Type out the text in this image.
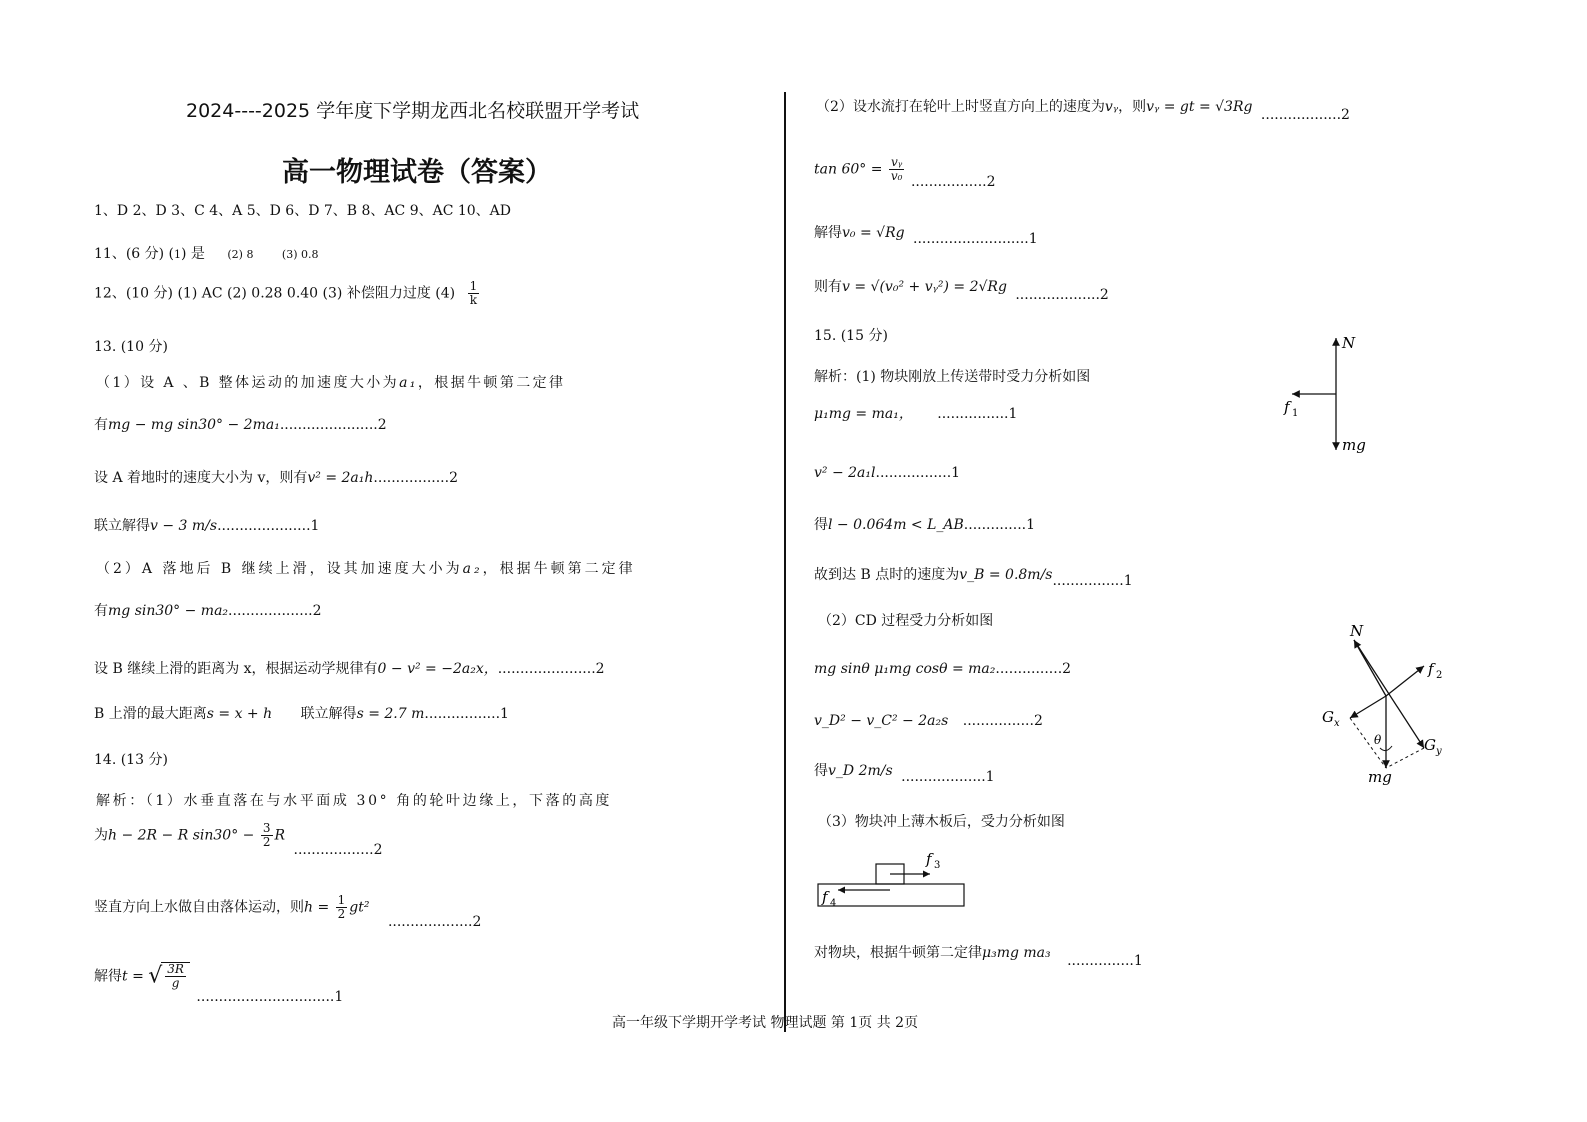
2024----2025 学年度下学期龙西北名校联盟开学考试
高一物理试卷（答案）
1、D 2、D 3、C 4、A 5、D 6、D 7、B 8、AC 9、AC 10、AD
11、(6 分) (1) 是 (2) 8	(3) 0.8
12、(10 分) (1) AC (2) 0.28 0.40 (3) 补偿阻力过度 $(4) \frac{1}{k}$
13. (10 分)
（1）设 A 、B 整体运动的加速度大小为a₁，根据牛顿第二定律
有mg − mg sin30° − 2ma₁......................2
设 A 着地时的速度大小为 v，则有v² = 2a₁h.................2
联立解得v − 3 m/s.....................1
（2）A 落地后 B 继续上滑，设其加速度大小为a₂，根据牛顿第二定律
有mg sin30° − ma₂...................2
设 B 继续上滑的距离为 x，根据运动学规律有0 − v² = −2a₂x，......................2
B 上滑的最大距离s = x + h 联立解得s = 2.7 m.................1
14. (13 分)
解析：（1）水垂直落在与水平面成 30° 角的轮叶边缘上，下落的高度
为h − 2R − R $\sin 30^\circ - \frac{3}{2}$ R ..................2
竖直方向上水做自由落体运动，则$h = \frac{1}{2} gt^2$ ...................2
解得t = √ $\frac{3R}{g}$
...............................1
（2）设水流打在轮叶上时竖直方向上的速度为vᵧ，则vᵧ = gt = √3Rg ..................2
$\tan 60^\circ = \frac{\text{vᵧ}}{\text{v₀}} .................2$
解得v₀ = √Rg ..........................1
则有v = √(v₀² + vᵧ²) = 2√Rg ...................2
15. (15 分)
解析：(1) 物块刚放上传送带时受力分析如图
μ₁mg = ma₁， ................1
v² − 2a₁l.................1
得l − 0.064m < L_AB..............1
故到达 B 点时的速度为v_B = 0.8m/s................1
（2）CD 过程受力分析如图
mg sinθ μ₁mg cosθ = ma₂...............2
v_D² − v_C² − 2a₂s ................2
得v_D 2m/s ...................1
（3）物块冲上薄木板后，受力分析如图
对物块，根据牛顿第二定律μ₃mg ma₃ ...............1
N
f 1
mg
N
f 2
G x
G y
θ
mg
f 3
f 4
高一年级下学期开学考试 物理试题 第 1页 共 2页
